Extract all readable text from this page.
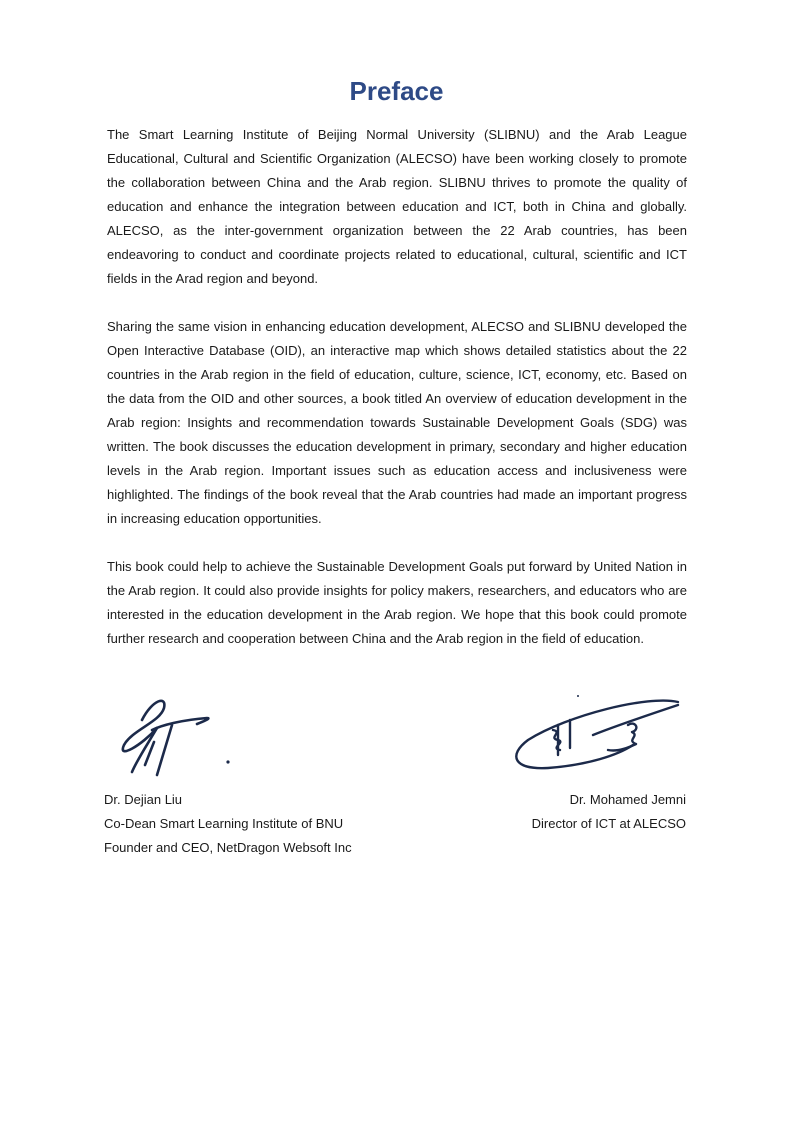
Preface

The Smart Learning Institute of Beijing Normal University (SLIBNU) and the Arab League Educational, Cultural and Scientific Organization (ALECSO) have been working closely to promote the collaboration between China and the Arab region. SLIBNU thrives to promote the quality of education and enhance the integration between education and ICT, both in China and globally. ALECSO, as the inter-government organization between the 22 Arab countries, has been endeavoring to conduct and coordinate projects related to educational, cultural, scientific and ICT fields in the Arad region and beyond.

Sharing the same vision in enhancing education development, ALECSO and SLIBNU developed the Open Interactive Database (OID), an interactive map which shows detailed statistics about the 22 countries in the Arab region in the field of education, culture, science, ICT, economy, etc. Based on the data from the OID and other sources, a book titled An overview of education development in the Arab region: Insights and recommendation towards Sustainable Development Goals (SDG) was written. The book discusses the education development in primary, secondary and higher education levels in the Arab region. Important issues such as education access and inclusiveness were highlighted. The findings of the book reveal that the Arab countries had made an important progress in increasing education opportunities.

This book could help to achieve the Sustainable Development Goals put forward by United Nation in the Arab region. It could also provide insights for policy makers, researchers, and educators who are interested in the education development in the Arab region. We hope that this book could promote further research and cooperation between China and the Arab region in the field of education.

Dr. Dejian Liu
Co-Dean Smart Learning Institute of BNU
Founder and CEO, NetDragon Websoft Inc
Dr. Mohamed Jemni
Director of ICT at ALECSO
